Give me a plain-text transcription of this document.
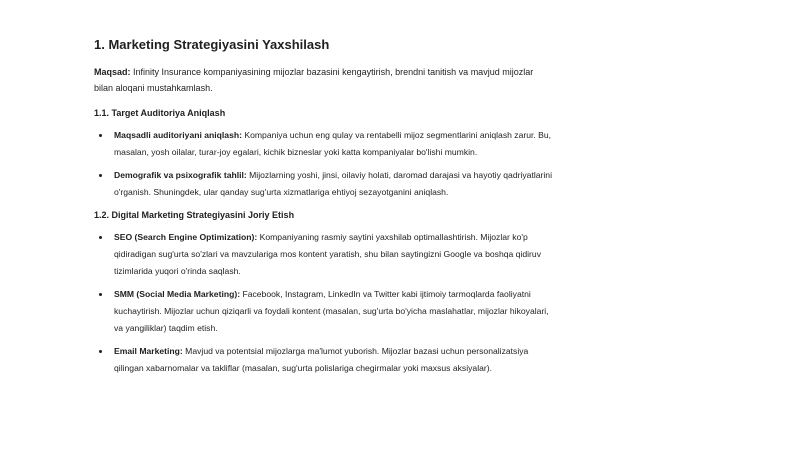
1. Marketing Strategiyasini Yaxshilash

Maqsad: Infinity Insurance kompaniyasining mijozlar bazasini kengaytirish, brendni tanitish va mavjud mijozlar bilan aloqani mustahkamlash.

1.1. Target Auditoriya Aniqlash
Maqsadli auditoriyani aniqlash: Kompaniya uchun eng qulay va rentabelli mijoz segmentlarini aniqlash zarur. Bu, masalan, yosh oilalar, turar-joy egalari, kichik bizneslar yoki katta kompaniyalar bo'lishi mumkin.
Demografik va psixografik tahlil: Mijozlarning yoshi, jinsi, oilaviy holati, daromad darajasi va hayotiy qadriyatlarini o'rganish. Shuningdek, ular qanday sug'urta xizmatlariga ehtiyoj sezayotganini aniqlash.
1.2. Digital Marketing Strategiyasini Joriy Etish
SEO (Search Engine Optimization): Kompaniyaning rasmiy saytini yaxshilab optimallashtirish. Mijozlar ko'p qidiradigan sug'urta so'zlari va mavzulariga mos kontent yaratish, shu bilan saytingizni Google va boshqa qidiruv tizimlarida yuqori o'rinda saqlash.
SMM (Social Media Marketing): Facebook, Instagram, LinkedIn va Twitter kabi ijtimoiy tarmoqlarda faoliyatni kuchaytirish. Mijozlar uchun qiziqarli va foydali kontent (masalan, sug'urta bo'yicha maslahatlar, mijozlar hikoyalari, va yangiliklar) taqdim etish.
Email Marketing: Mavjud va potentsial mijozlarga ma'lumot yuborish. Mijozlar bazasi uchun personalizatsiya qilingan xabarnomalar va takliflar (masalan, sug'urta polislariga chegirmalar yoki maxsus aksiyalar).
